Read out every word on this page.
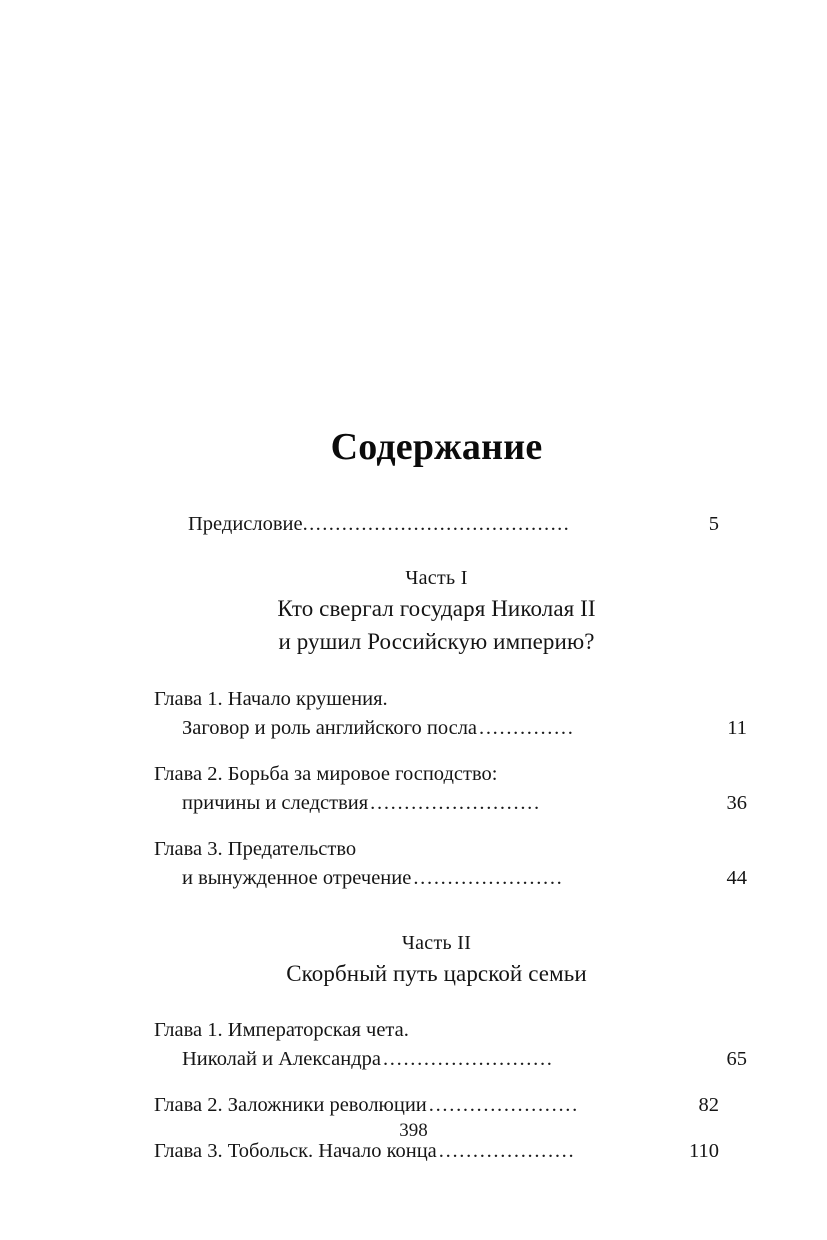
Содержание
Предисловие .........................................	5
Часть I
Кто свергал государя Николая II
и рушил Российскую империю?
Глава 1. Начало крушения.
Заговор и роль английского посла ..............	11
Глава 2. Борьба за мировое господство:
причины и следствия .........................	36
Глава 3. Предательство
и вынужденное отречение ......................	44
Часть II
Скорбный путь царской семьи
Глава 1. Императорская чета.
Николай и Александра .........................	65
Глава 2. Заложники революции ......................	82
Глава 3. Тобольск. Начало конца ....................	110
398
